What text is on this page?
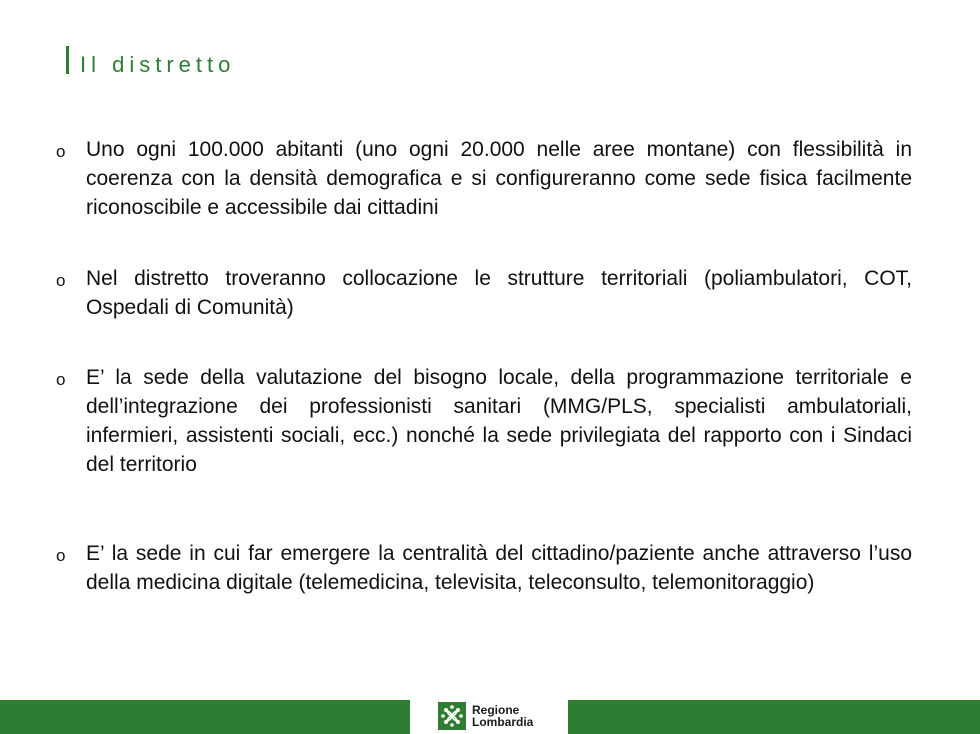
Il distretto
o Uno ogni 100.000 abitanti (uno ogni 20.000 nelle aree montane) con flessibilità in coerenza con la densità demografica e si configureranno come sede fisica facilmente riconoscibile e accessibile dai cittadini
o Nel distretto troveranno collocazione le strutture territoriali (poliambulatori, COT, Ospedali di Comunità)
o E’ la sede della valutazione del bisogno locale, della programmazione territoriale e dell’integrazione dei professionisti sanitari (MMG/PLS, specialisti ambulatoriali, infermieri, assistenti sociali, ecc.) nonché la sede privilegiata del rapporto con i Sindaci del territorio
o E’ la sede in cui far emergere la centralità del cittadino/paziente anche attraverso l’uso della medicina digitale (telemedicina, televisita, teleconsulto, telemonitoraggio)
Regione
Lombardia
